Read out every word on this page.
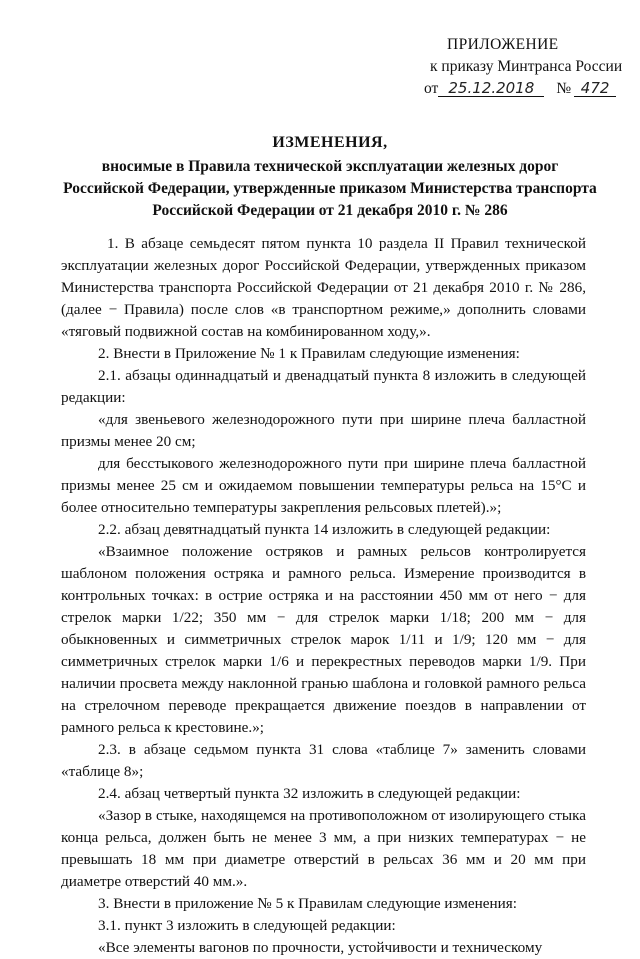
ПРИЛОЖЕНИЕ
к приказу Минтранса России
от 25.12.2018 № 472
ИЗМЕНЕНИЯ,
вносимые в Правила технической эксплуатации железных дорог Российской Федерации, утвержденные приказом Министерства транспорта Российской Федерации от 21 декабря 2010 г. № 286

1. В абзаце семьдесят пятом пункта 10 раздела II Правил технической эксплуатации железных дорог Российской Федерации, утвержденных приказом Министерства транспорта Российской Федерации от 21 декабря 2010 г. № 286, (далее − Правила) после слов «в транспортном режиме,» дополнить словами «тяговый подвижной состав на комбинированном ходу,».

2. Внести в Приложение № 1 к Правилам следующие изменения:

2.1. абзацы одиннадцатый и двенадцатый пункта 8 изложить в следующей редакции:

«для звеньевого железнодорожного пути при ширине плеча балластной призмы менее 20 см;

для бесстыкового железнодорожного пути при ширине плеча балластной призмы менее 25 см и ожидаемом повышении температуры рельса на 15°С и более относительно температуры закрепления рельсовых плетей).»;

2.2. абзац девятнадцатый пункта 14 изложить в следующей редакции:

«Взаимное положение остряков и рамных рельсов контролируется шаблоном положения остряка и рамного рельса. Измерение производится в контрольных точках: в острие остряка и на расстоянии 450 мм от него − для стрелок марки 1/22; 350 мм − для стрелок марки 1/18; 200 мм − для обыкновенных и симметричных стрелок марок 1/11 и 1/9; 120 мм − для симметричных стрелок марки 1/6 и перекрестных переводов марки 1/9. При наличии просвета между наклонной гранью шаблона и головкой рамного рельса на стрелочном переводе прекращается движение поездов в направлении от рамного рельса к крестовине.»;

2.3. в абзаце седьмом пункта 31 слова «таблице 7» заменить словами «таблице 8»;

2.4. абзац четвертый пункта 32 изложить в следующей редакции:

«Зазор в стыке, находящемся на противоположном от изолирующего стыка конца рельса, должен быть не менее 3 мм, а при низких температурах − не превышать 18 мм при диаметре отверстий в рельсах 36 мм и 20 мм при диаметре отверстий 40 мм.».

3. Внести в приложение № 5 к Правилам следующие изменения:

3.1. пункт 3 изложить в следующей редакции:

«Все элементы вагонов по прочности, устойчивости и техническому
